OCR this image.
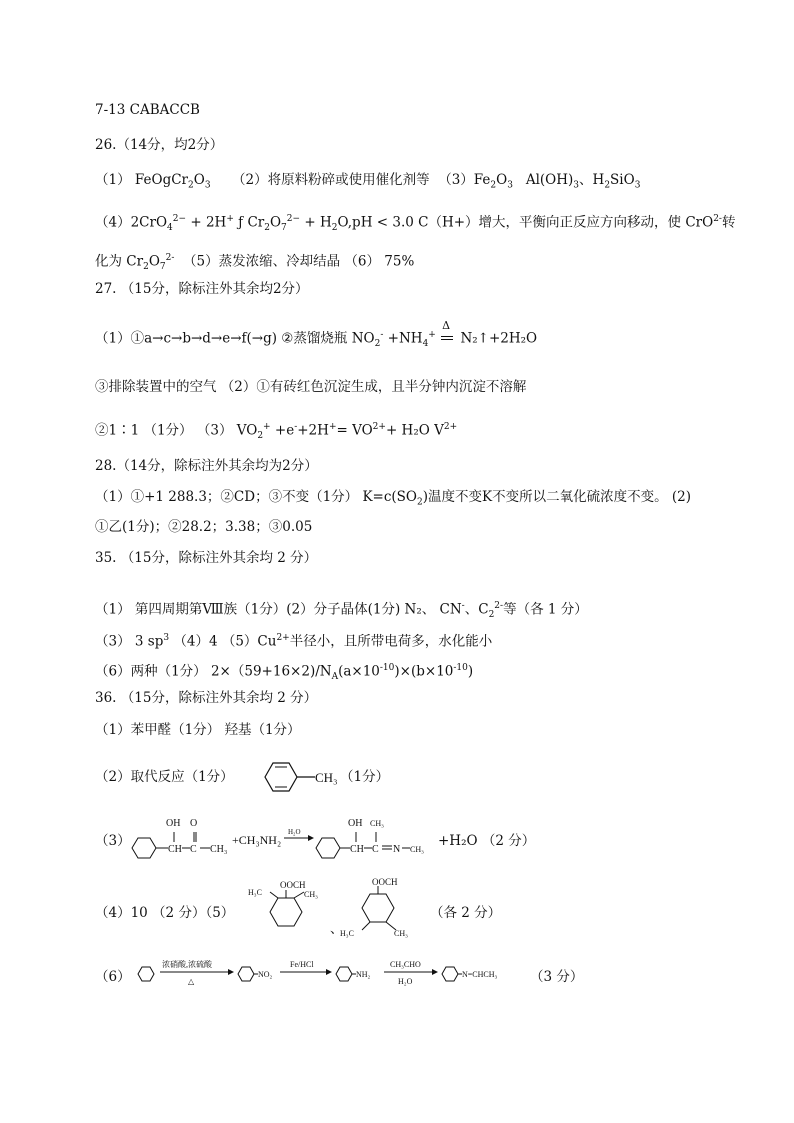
7-13 CABACCB
26.（14分，均2分）
（1） $FeOgCr_2O_3$ （2）将原料粉碎或使用催化剂等 $(3)Fe_2O_3$ $Al(OH)_3$、$H_2SiO_3$
（4）2CrO$_4^{2-}$ + 2H+ ƒ $Cr_2O_7^{2-} + H_2O,pH < 3.0$ C（H+）增大，平衡向正反应方向移动，使 CrO$^{2-}$转
化为 $Cr_2O_7^{2-}$ （5）蒸发浓缩、冷却结晶 （6） 75%
27. （15分，除标注外其余均2分）
（1）①a→c→b→d→e→f(→g) ②蒸馏烧瓶 $NO_2^- +NH_4^+$
Δ
N₂↑+2H₂O
③排除装置中的空气 （2）①有砖红色沉淀生成，且半分钟内沉淀不溶解
②1∶1 （1分） （3） $VO_2^+ +e^-+2H^+= VO^{2+}+ H_2O$ $V^{2+}$
28.（14分，除标注外其余均为2分）
（1）①+1 288.3；②CD；③不变（1分） $K=c(SO_2)$温度不变K不变所以二氧化硫浓度不变。 (2)
①乙(1分)；②28.2；3.38；③0.05
35. （15分，除标注外其余均 2 分）
（1） 第四周期第Ⅷ族（1分）(2）分子晶体(1分) N₂、 CN-、$C_2^{2-}$等（各 1 分）
（3） 3 $sp^3$ （4）4 $(5)Cu^{2+}$半径小，且所带电荷多，水化能小
（6）两种（1分） $2\times(59+16\times 2)/N_A(a\times 10^{-10})\times(b\times 10^{-10})$
36. （15分，除标注外其余均 2 分）
（1）苯甲醛（1分） 羟基（1分）
（2）取代反应（1分）	CH₃ （1分）
（3）
CH
OH
C
O
CH₃
+CH₃NH₂
H₂O
CH
OH
C
CH₃
N CH₃
+H₂O （2 分）
（4）10 （2 分）（5）
OOCH
H₃C	CH₃
、
OOCH
H₃C	CH₃
（各 2 分）
（6）
浓硝酸,浓硫酸
△
NO₂
Fe/HCl
NH₂
CH₃CHO
H₂O
N=CHCH₃ （3 分）
